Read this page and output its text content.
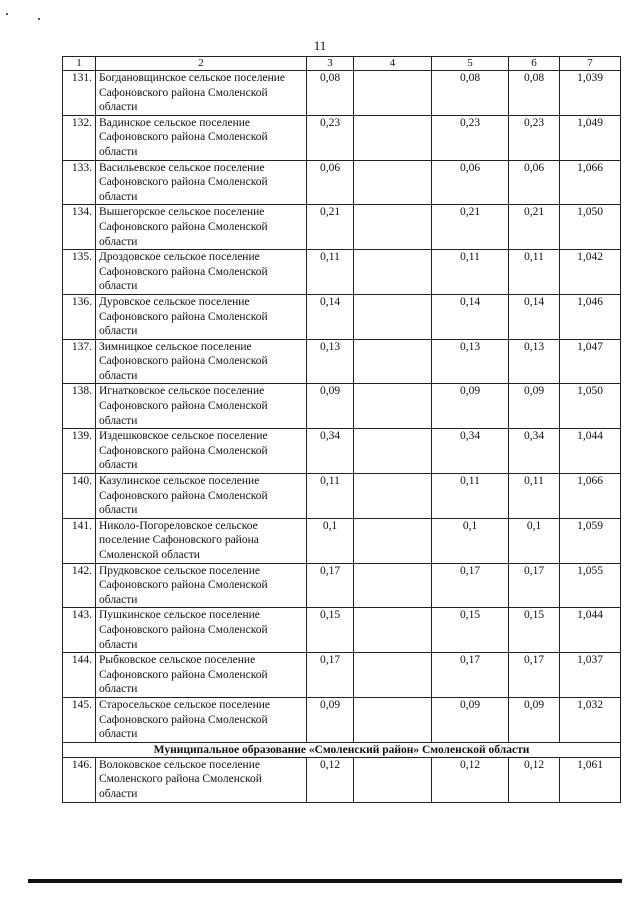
11
1	2	3	4	5	6	7
131.	Богдановщинское сельское поселение Сафоновского района Смоленской области	0,08		0,08	0,08	1,039
132.	Вадинское сельское поселение Сафоновского района Смоленской области	0,23		0,23	0,23	1,049
133.	Васильевское сельское поселение Сафоновского района Смоленской области	0,06		0,06	0,06	1,066
134.	Вышегорское сельское поселение Сафоновского района Смоленской области	0,21		0,21	0,21	1,050
135.	Дроздовское сельское поселение Сафоновского района Смоленской области	0,11		0,11	0,11	1,042
136.	Дуровское сельское поселение Сафоновского района Смоленской области	0,14		0,14	0,14	1,046
137.	Зимницкое сельское поселение Сафоновского района Смоленской области	0,13		0,13	0,13	1,047
138.	Игнатковское сельское поселение Сафоновского района Смоленской области	0,09		0,09	0,09	1,050
139.	Издешковское сельское поселение Сафоновского района Смоленской области	0,34		0,34	0,34	1,044
140.	Казулинское сельское поселение Сафоновского района Смоленской области	0,11		0,11	0,11	1,066
141.	Николо-Погореловское сельское поселение Сафоновского района Смоленской области	0,1		0,1	0,1	1,059
142.	Прудковское сельское поселение Сафоновского района Смоленской области	0,17		0,17	0,17	1,055
143.	Пушкинское сельское поселение Сафоновского района Смоленской области	0,15		0,15	0,15	1,044
144.	Рыбковское сельское поселение Сафоновского района Смоленской области	0,17		0,17	0,17	1,037
145.	Старосельское сельское поселение Сафоновского района Смоленской области	0,09		0,09	0,09	1,032
Муниципальное образование «Смоленский район» Смоленской области						
146.	Волоковское сельское поселение Смоленского района Смоленской области	0,12		0,12	0,12	1,061
